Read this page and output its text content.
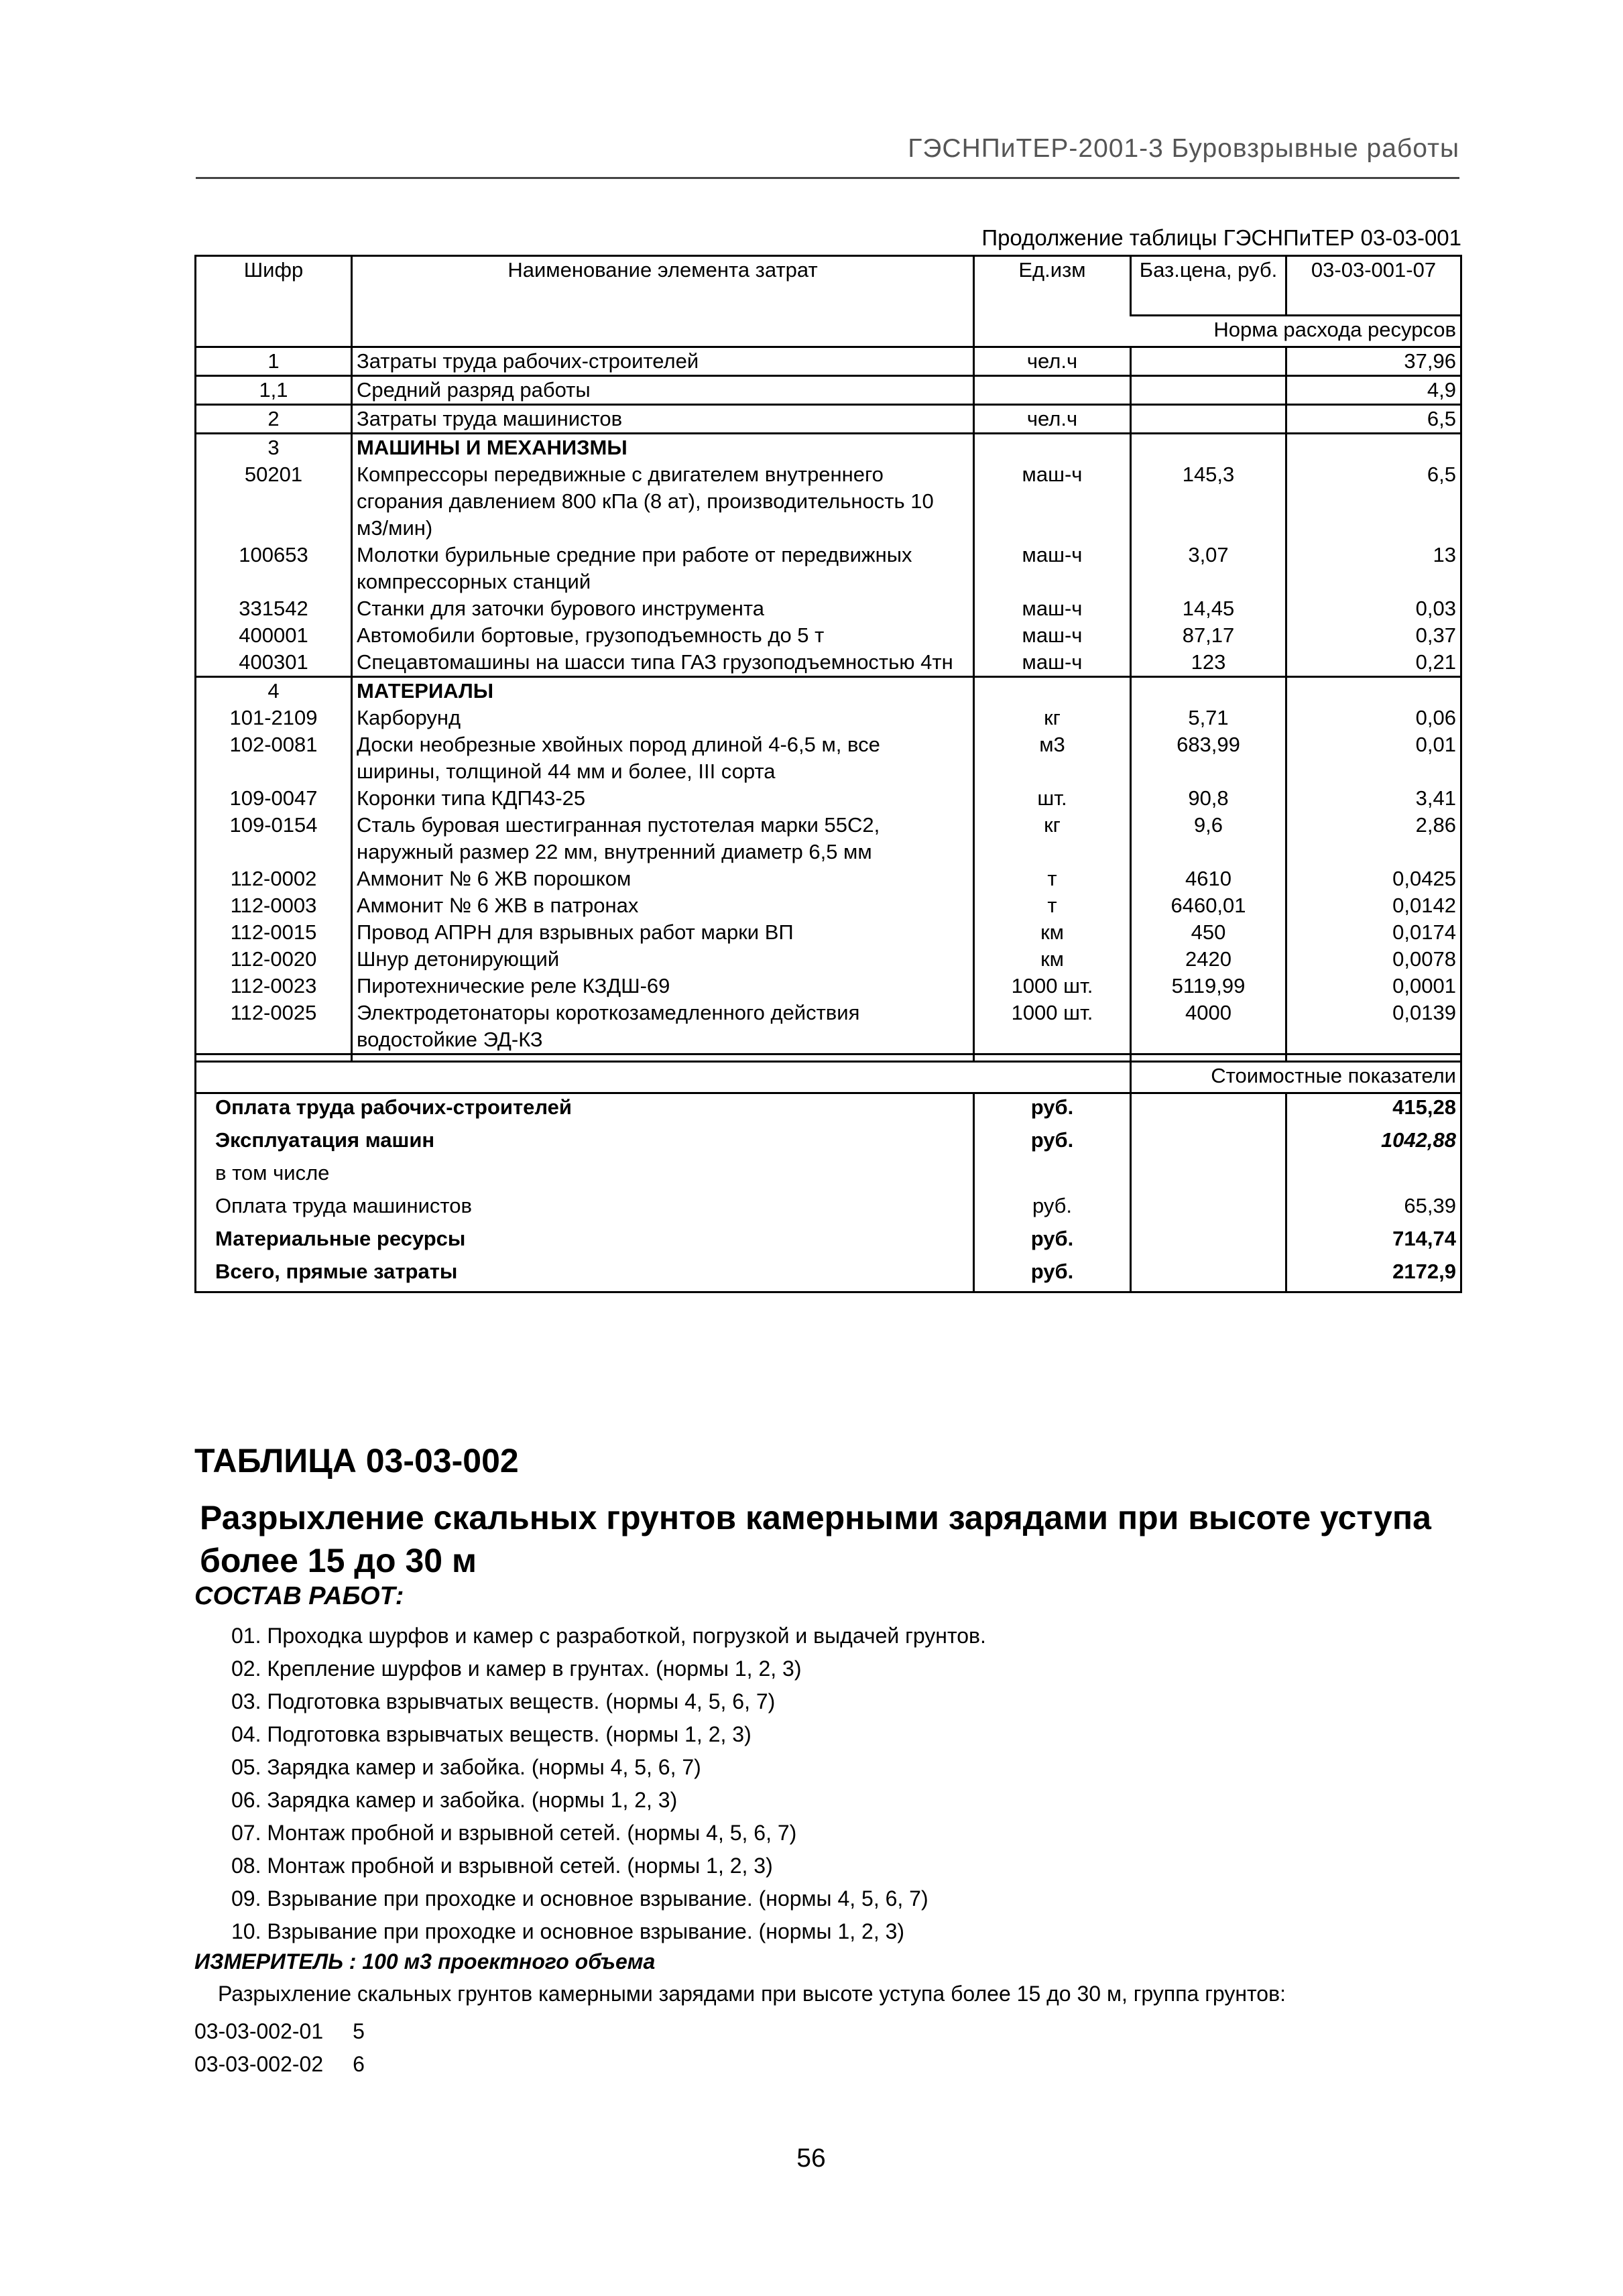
ГЭСНПиТЕР-2001-3 Буровзрывные работы
Продолжение таблицы ГЭСНПиТЕР 03-03-001
Шифр	Наименование элемента затрат	Ед.изм	Баз.цена, руб.	03-03-001-07
			Норма расхода ресурсов	
1	Затраты труда рабочих-строителей	чел.ч		37,96
1,1	Средний разряд работы			4,9
2	Затраты труда машинистов	чел.ч		6,5
3	МАШИНЫ И МЕХАНИЗМЫ			
50201	Компрессоры передвижные с двигателем внутреннего сгорания давлением 800 кПа (8 ат), производительность 10 м3/мин)	маш-ч	145,3	6,5
100653	Молотки бурильные средние при работе от передвижных компрессорных станций	маш-ч	3,07	13
331542	Станки для заточки бурового инструмента	маш-ч	14,45	0,03
400001	Автомобили бортовые, грузоподъемность до 5 т	маш-ч	87,17	0,37
400301	Спецавтомашины на шасси типа ГАЗ грузоподъемностью 4тн	маш-ч	123	0,21
4	МАТЕРИАЛЫ			
101-2109	Карборунд	кг	5,71	0,06
102-0081	Доски необрезные хвойных пород длиной 4-6,5 м, все ширины, толщиной 44 мм и более, III сорта	м3	683,99	0,01
109-0047	Коронки типа КДП43-25	шт.	90,8	3,41
109-0154	Сталь буровая шестигранная пустотелая марки 55С2, наружный размер 22 мм, внутренний диаметр 6,5 мм	кг	9,6	2,86
112-0002	Аммонит № 6 ЖВ порошком	т	4610	0,0425
112-0003	Аммонит № 6 ЖВ в патронах	т	6460,01	0,0142
112-0015	Провод АПРН для взрывных работ марки ВП	км	450	0,0174
112-0020	Шнур детонирующий	км	2420	0,0078
112-0023	Пиротехнические реле КЗДШ-69	1000 шт.	5119,99	0,0001
112-0025	Электродетонаторы короткозамедленного действия водостойкие ЭД-КЗ	1000 шт.	4000	0,0139

			Стоимостные показатели	
Оплата труда рабочих-строителей		руб.		415,28
Эксплуатация машин		руб.		1042,88
в том числе				
Оплата труда машинистов		руб.		65,39
Материальные ресурсы		руб.		714,74
Всего, прямые затраты		руб.		2172,9
ТАБЛИЦА 03-03-002
Разрыхление скальных грунтов камерными зарядами при высоте уступа более 15 до 30 м
СОСТАВ РАБОТ:
01. Проходка шурфов и камер с разработкой, погрузкой и выдачей грунтов.
02. Крепление шурфов и камер в грунтах. (нормы 1, 2, 3)
03. Подготовка взрывчатых веществ. (нормы 4, 5, 6, 7)
04. Подготовка взрывчатых веществ. (нормы 1, 2, 3)
05. Зарядка камер и забойка. (нормы 4, 5, 6, 7)
06. Зарядка камер и забойка. (нормы 1, 2, 3)
07. Монтаж пробной и взрывной сетей. (нормы 4, 5, 6, 7)
08. Монтаж пробной и взрывной сетей. (нормы 1, 2, 3)
09. Взрывание при проходке и основное взрывание. (нормы 4, 5, 6, 7)
10. Взрывание при проходке и основное взрывание. (нормы 1, 2, 3)
ИЗМЕРИТЕЛЬ : 100 м3 проектного объема
Разрыхление скальных грунтов камерными зарядами при высоте уступа более 15 до 30 м, группа грунтов:
03-03-002-01 5
03-03-002-02 6
56
